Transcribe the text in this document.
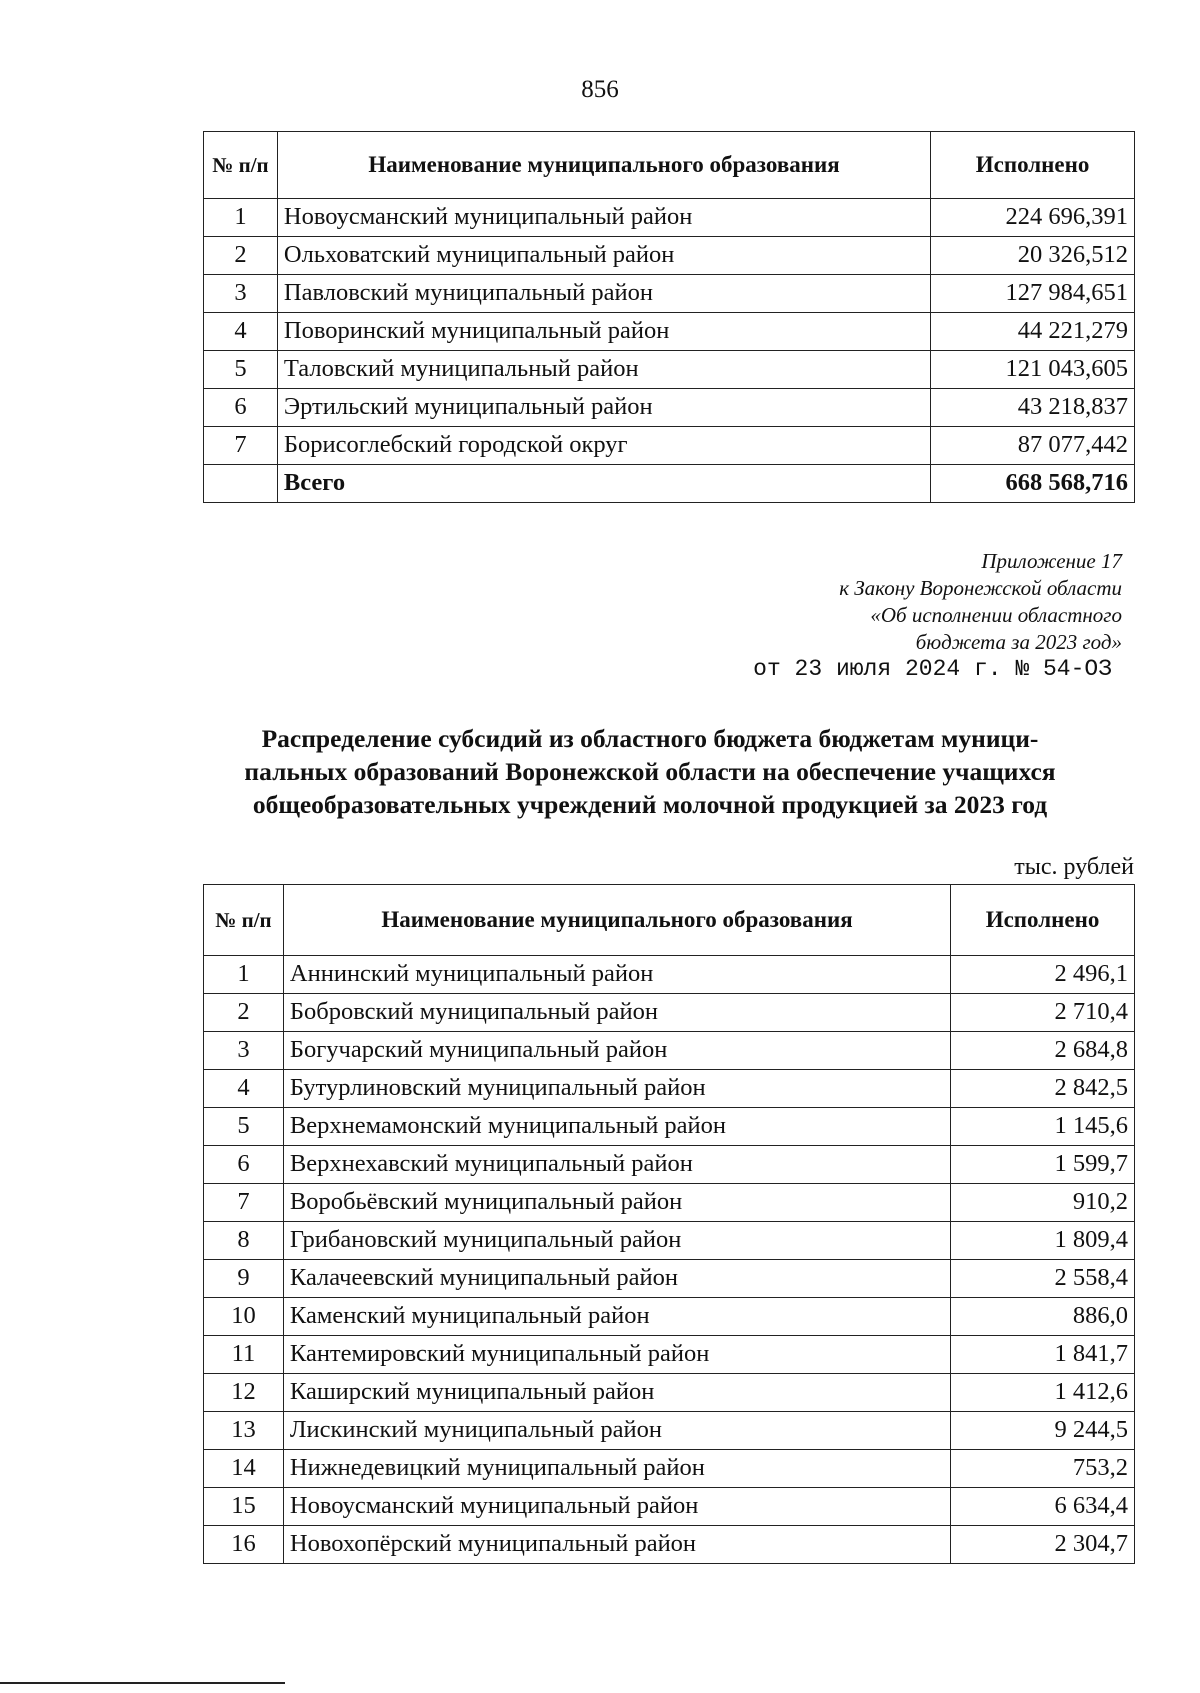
856
№ п/п	Наименование муниципального образования	Исполнено
1	Новоусманский муниципальный район	224 696,391
2	Ольховатский муниципальный район	20 326,512
3	Павловский муниципальный район	127 984,651
4	Поворинский муниципальный район	44 221,279
5	Таловский муниципальный район	121 043,605
6	Эртильский муниципальный район	43 218,837
7	Борисоглебский городской округ	87 077,442
	Всего	668 568,716
Приложение 17
к Закону Воронежской области
«Об исполнении областного
бюджета за 2023 год»
от 23 июля 2024 г. № 54-ОЗ
Распределение субсидий из областного бюджета бюджетам муници-
пальных образований Воронежской области на обеспечение учащихся
общеобразовательных учреждений молочной продукцией за 2023 год
тыс. рублей
№ п/п	Наименование муниципального образования	Исполнено
1	Аннинский муниципальный район	2 496,1
2	Бобровский муниципальный район	2 710,4
3	Богучарский муниципальный район	2 684,8
4	Бутурлиновский муниципальный район	2 842,5
5	Верхнемамонский муниципальный район	1 145,6
6	Верхнехавский муниципальный район	1 599,7
7	Воробьёвский муниципальный район	910,2
8	Грибановский муниципальный район	1 809,4
9	Калачеевский муниципальный район	2 558,4
10	Каменский муниципальный район	886,0
11	Кантемировский муниципальный район	1 841,7
12	Каширский муниципальный район	1 412,6
13	Лискинский муниципальный район	9 244,5
14	Нижнедевицкий муниципальный район	753,2
15	Новоусманский муниципальный район	6 634,4
16	Новохопёрский муниципальный район	2 304,7
